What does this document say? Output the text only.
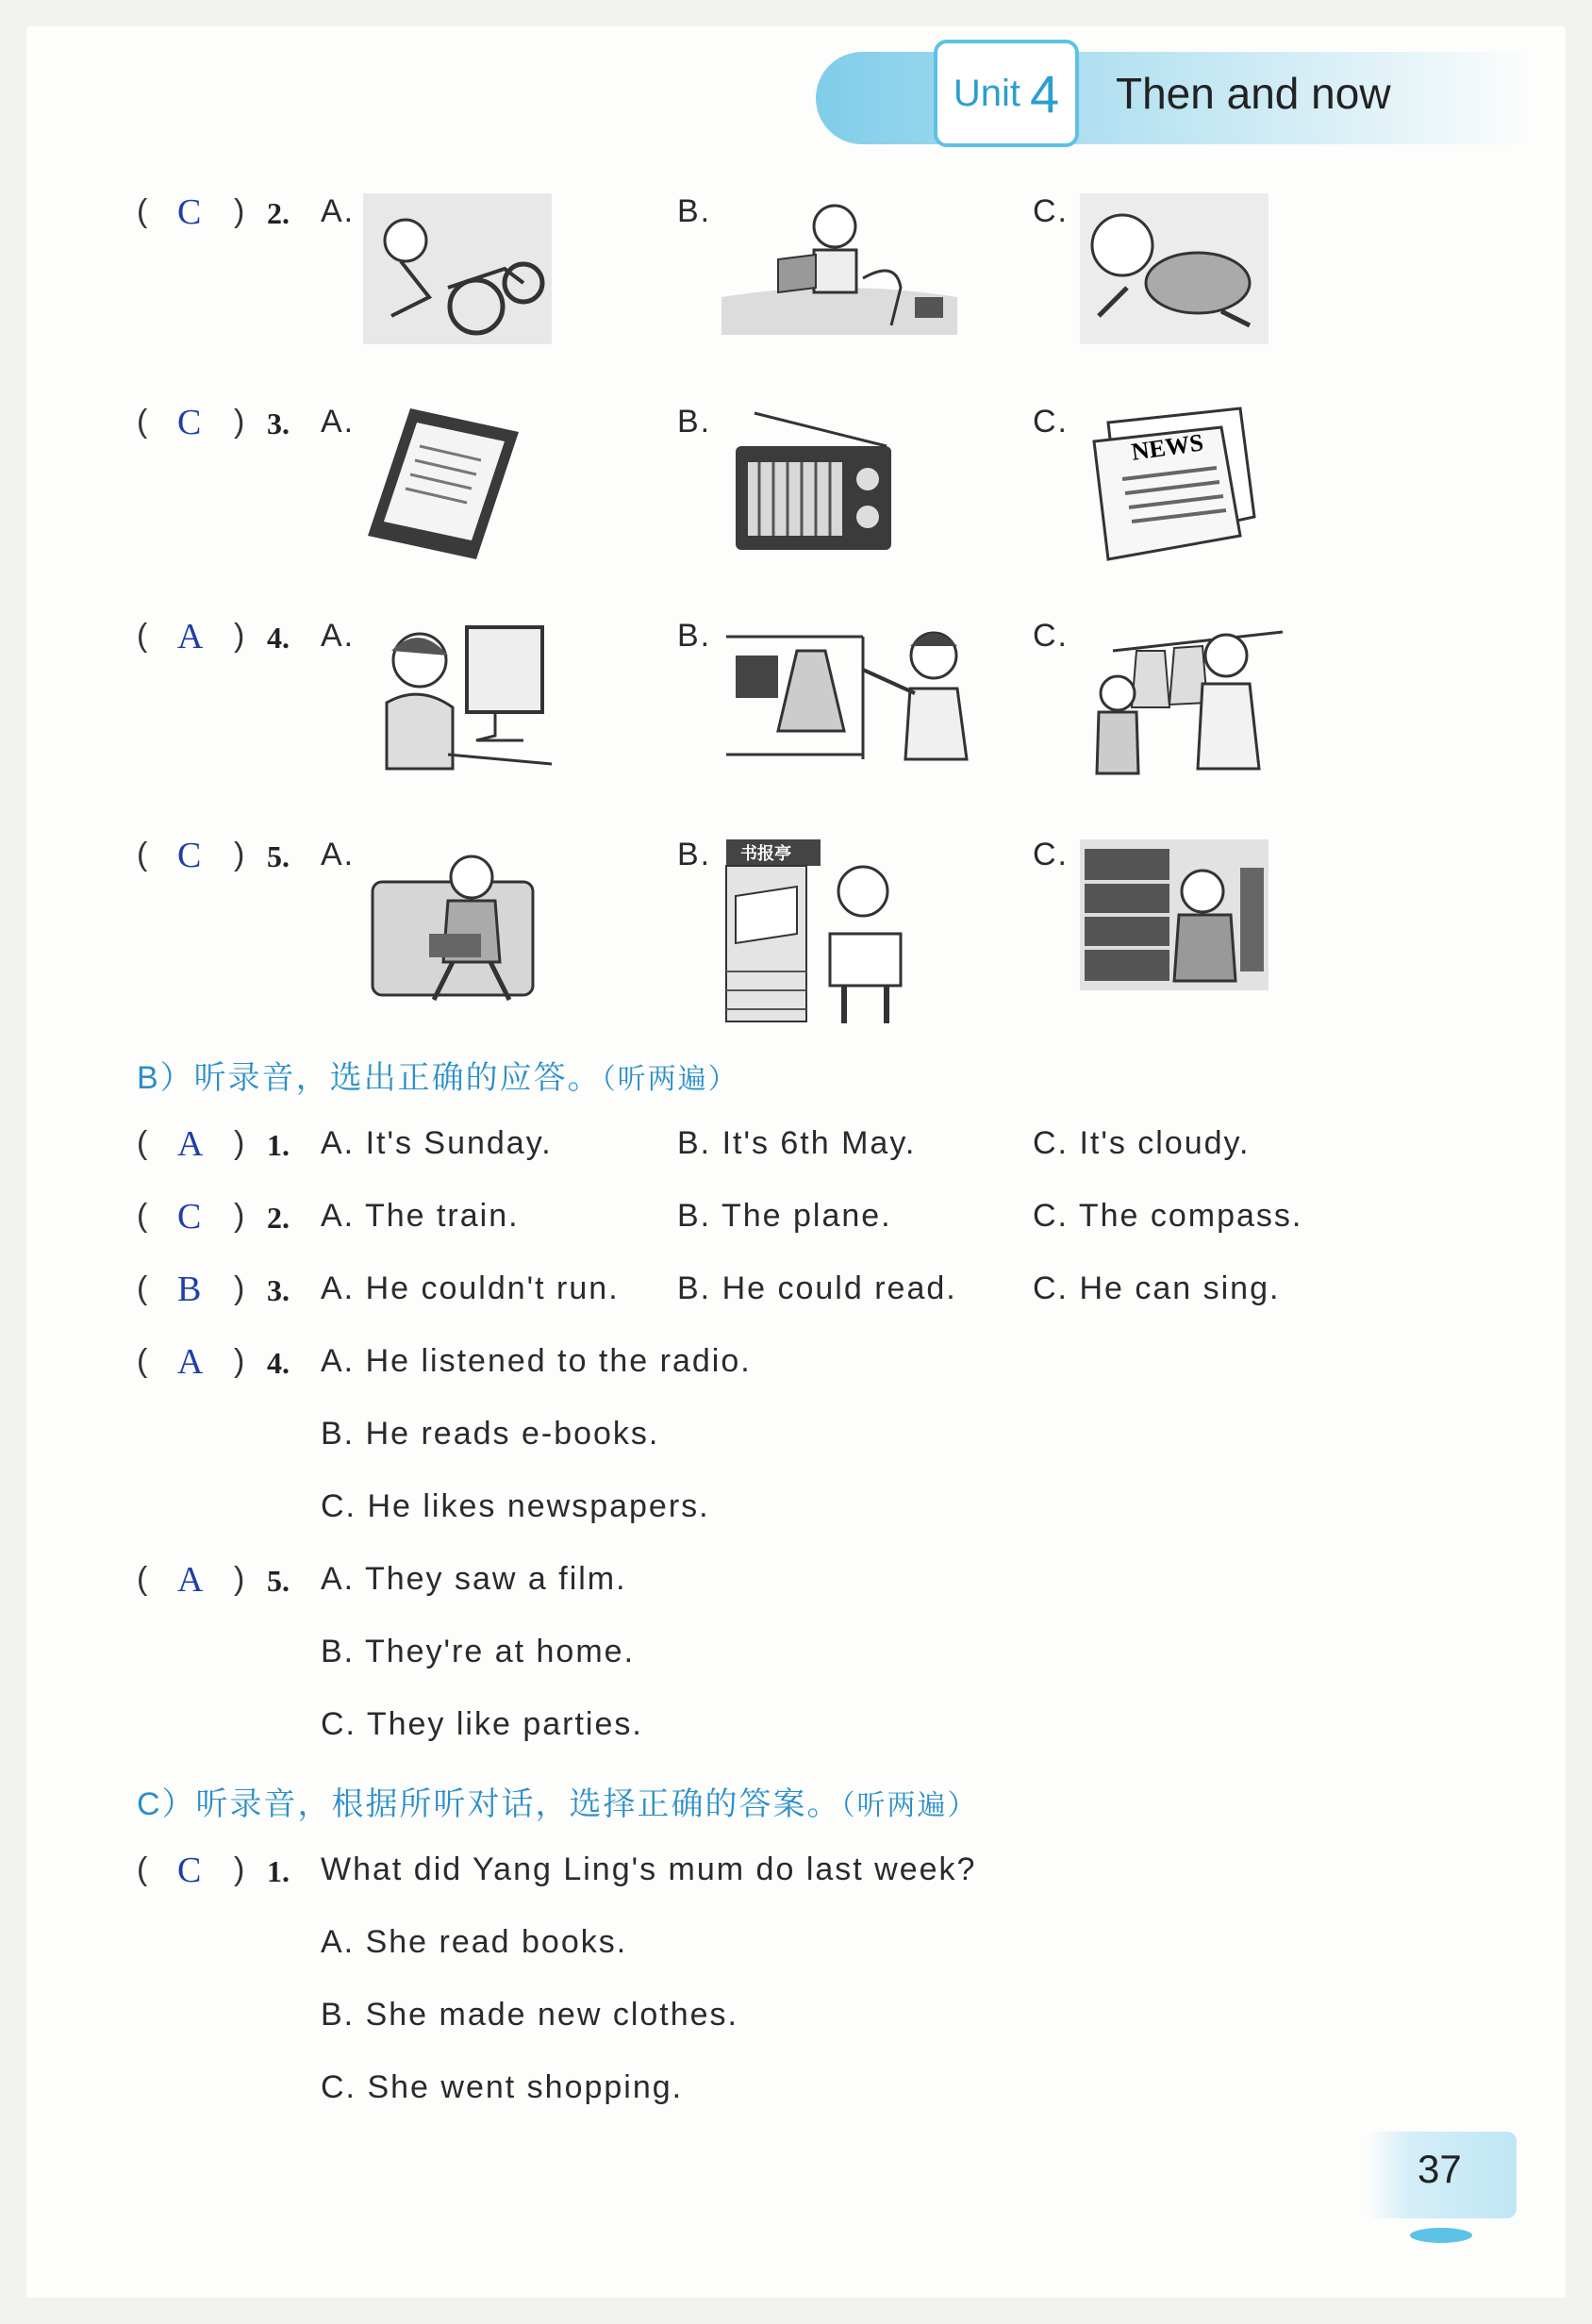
Unit 4 Then and now
( C ) 2. A.	B.	C.
( C ) 3. A.	B.	C.
NEWS
( A ) 4. A.	B.	C.
( C ) 5. A.	B. 书报亭	C.
B）听录音，选出正确的应答。（听两遍）
( A ) 1. A. It's Sunday.	B. It's 6th May.	C. It's cloudy.
( C ) 2. A. The train.	B. The plane.	C. The compass.
( B ) 3. A. He couldn't run. B. He could read. C. He can sing.
( A ) 4. A. He listened to the radio.
B. He reads e-books.
C. He likes newspapers.
( A ) 5. A. They saw a film.
B. They're at home.
C. They like parties.
C）听录音，根据所听对话，选择正确的答案。（听两遍）
( C ) 1. What did Yang Ling's mum do last week?
A. She read books.
B. She made new clothes.
C. She went shopping.
37
